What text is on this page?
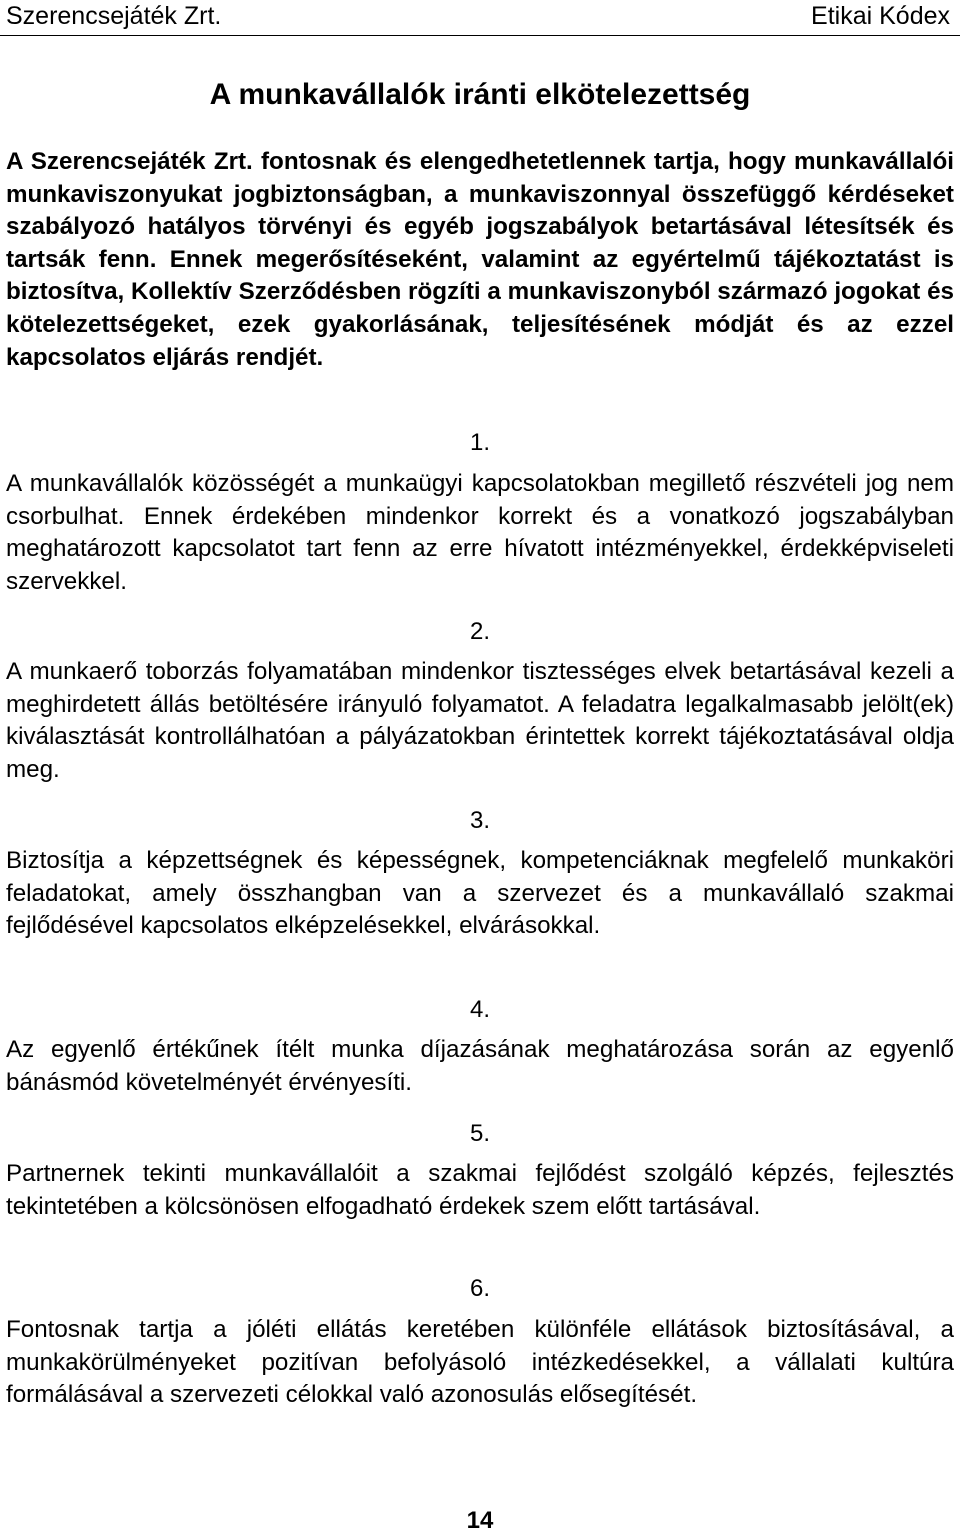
Szerencsejáték Zrt.	Etikai Kódex
A munkavállalók iránti elkötelezettség

A Szerencsejáték Zrt. fontosnak és elengedhetetlennek tartja, hogy munkavállalói munkaviszonyukat jogbiztonságban, a munkaviszonnyal összefüggő kérdéseket szabályozó hatályos törvényi és egyéb jogszabályok betartásával létesítsék és tartsák fenn. Ennek megerősítéseként, valamint az egyértelmű tájékoztatást is biztosítva, Kollektív Szerződésben rögzíti a munkaviszonyból származó jogokat és kötelezettségeket, ezek gyakorlásának, teljesítésének módját és az ezzel kapcsolatos eljárás rendjét.

1.

A munkavállalók közösségét a munkaügyi kapcsolatokban megillető részvételi jog nem csorbulhat. Ennek érdekében mindenkor korrekt és a vonatkozó jogszabályban meghatározott kapcsolatot tart fenn az erre hívatott intézményekkel, érdekképviseleti szervekkel.

2.

A munkaerő toborzás folyamatában mindenkor tisztességes elvek betartásával kezeli a meghirdetett állás betöltésére irányuló folyamatot. A feladatra legalkalmasabb jelölt(ek) kiválasztását kontrollálhatóan a pályázatokban érintettek korrekt tájékoztatásával oldja meg.

3.

Biztosítja a képzettségnek és képességnek, kompetenciáknak megfelelő munkaköri feladatokat, amely összhangban van a szervezet és a munkavállaló szakmai fejlődésével kapcsolatos elképzelésekkel, elvárásokkal.

4.

Az egyenlő értékűnek ítélt munka díjazásának meghatározása során az egyenlő bánásmód követelményét érvényesíti.

5.

Partnernek tekinti munkavállalóit a szakmai fejlődést szolgáló képzés, fejlesztés tekintetében a kölcsönösen elfogadható érdekek szem előtt tartásával.

6.

Fontosnak tartja a jóléti ellátás keretében különféle ellátások biztosításával, a munkakörülményeket pozitívan befolyásoló intézkedésekkel, a vállalati kultúra formálásával a szervezeti célokkal való azonosulás elősegítését.

14
